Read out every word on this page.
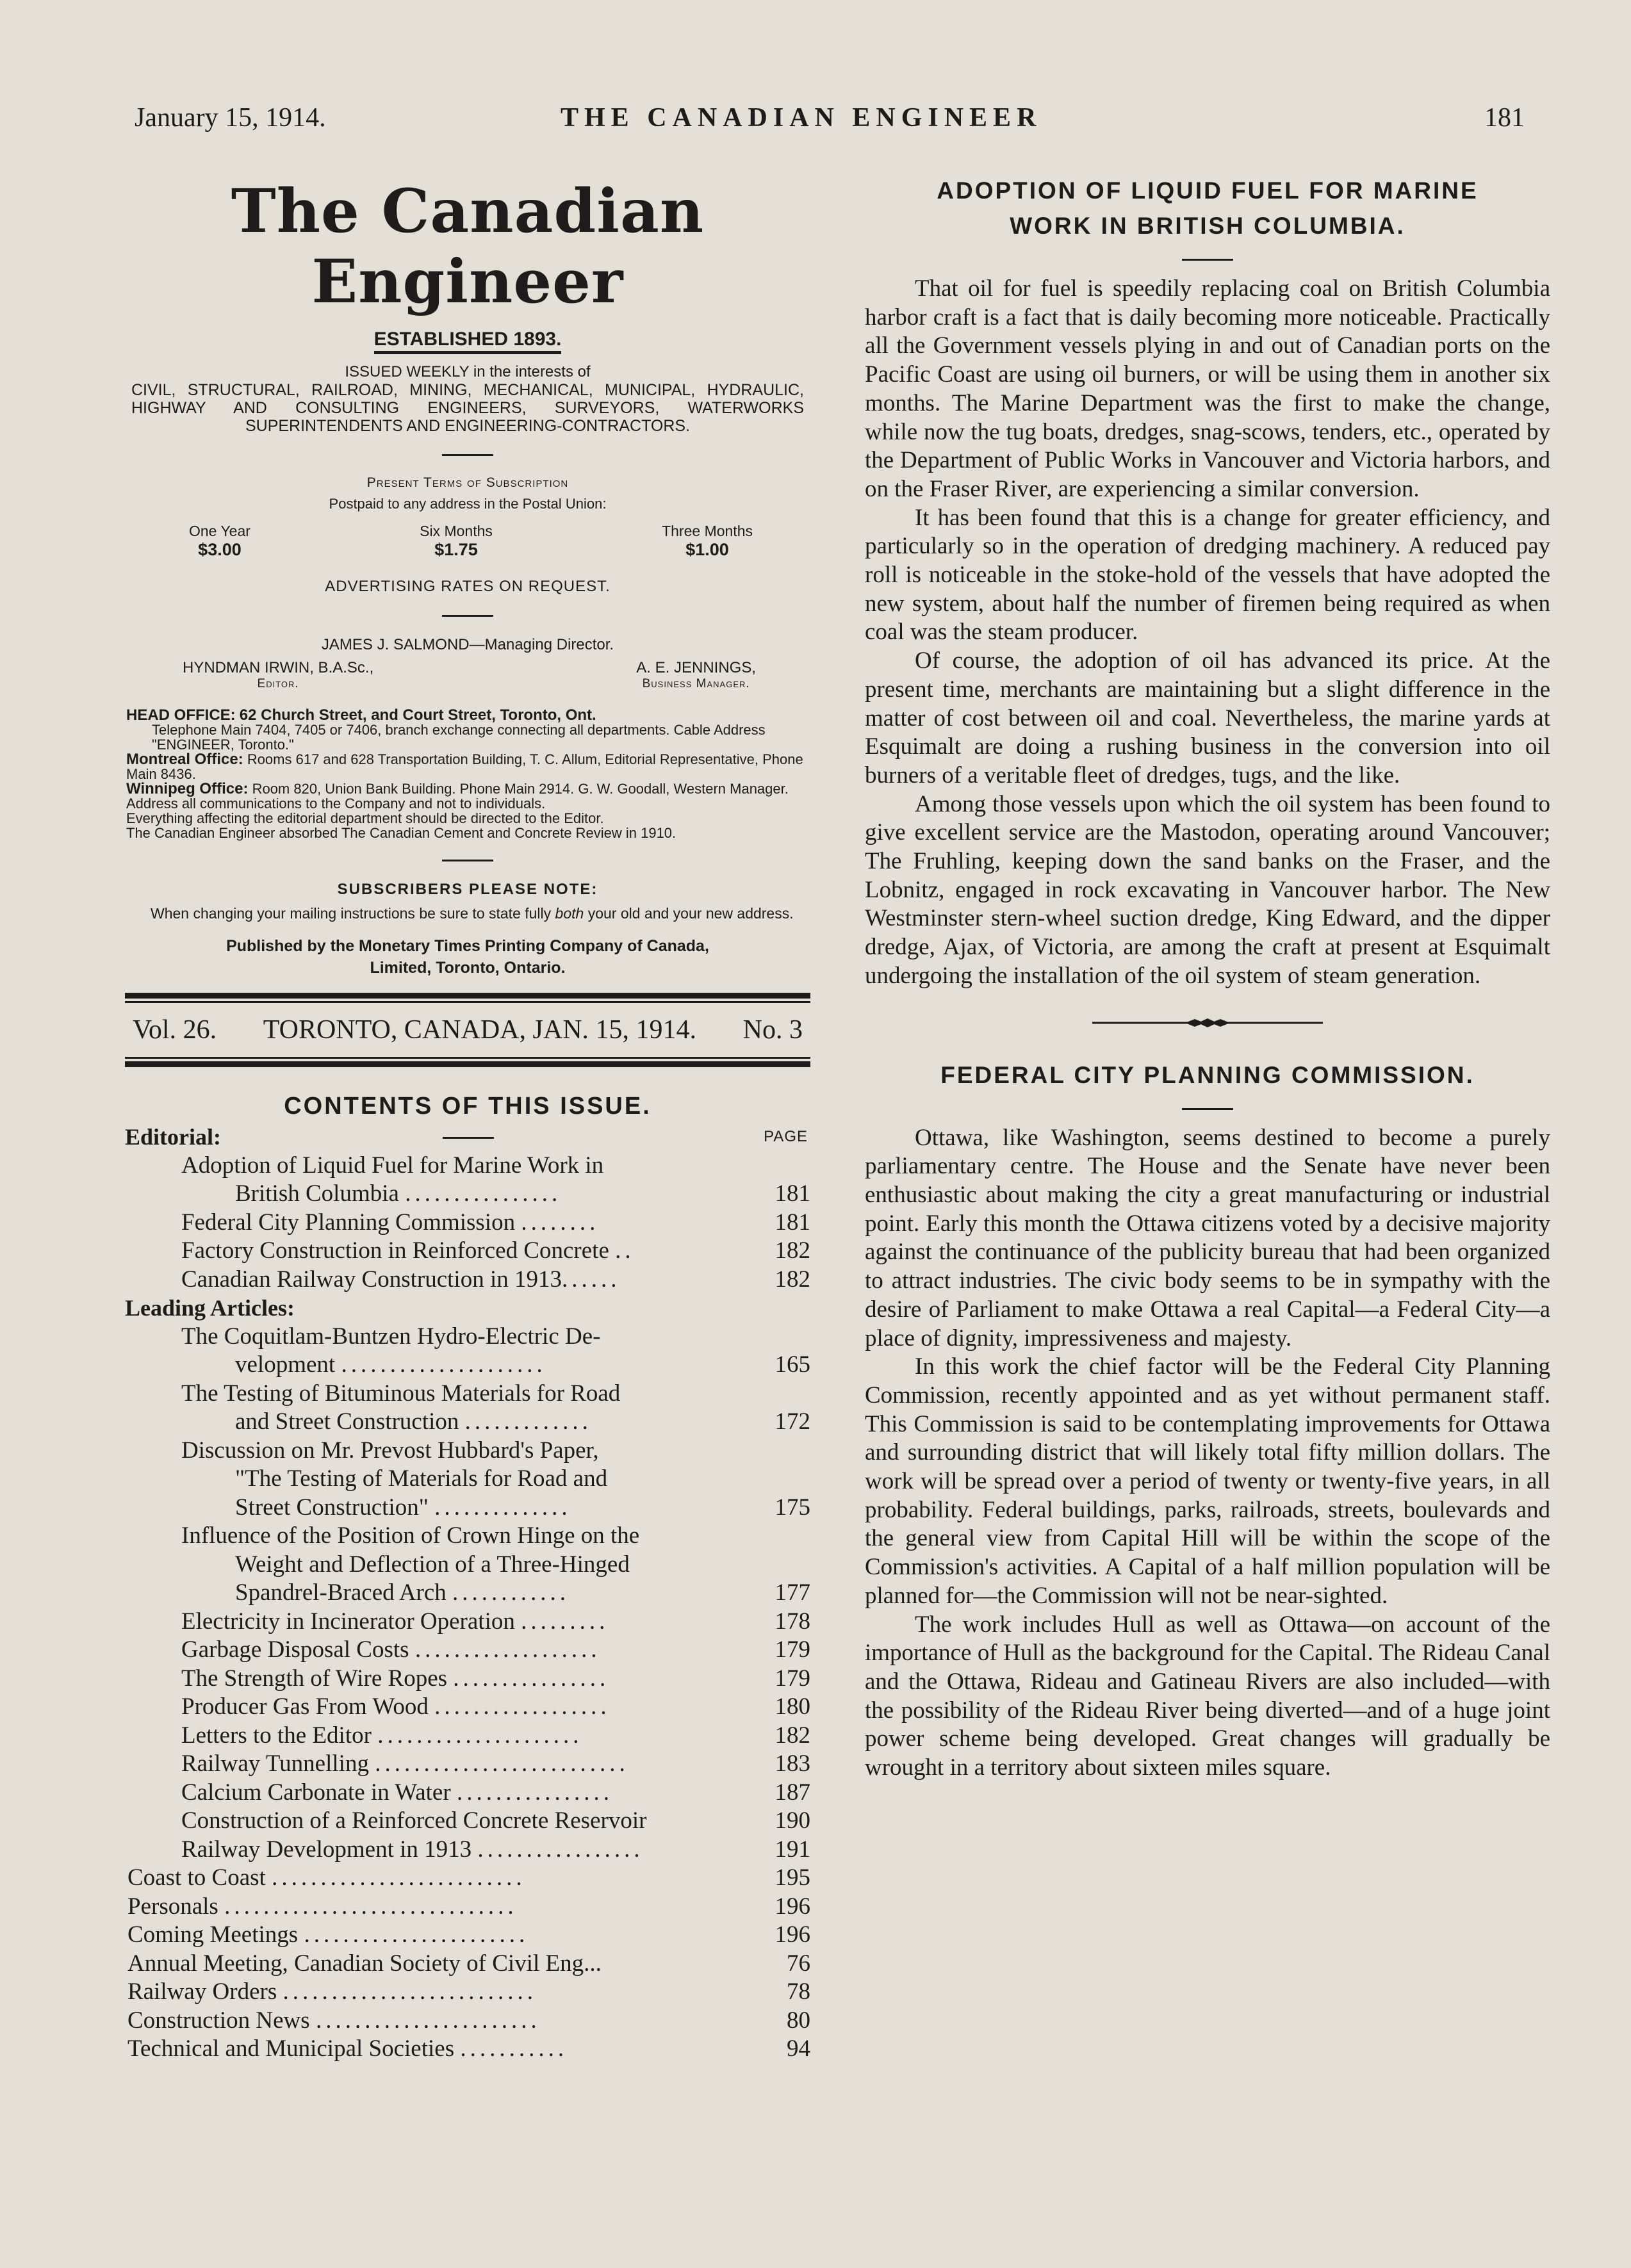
January 15, 1914.	THE CANADIAN ENGINEER	181
The Canadian Engineer
ESTABLISHED 1893.
ISSUED WEEKLY in the interests of
CIVIL, STRUCTURAL, RAILROAD, MINING, MECHANICAL, MUNICIPAL, HYDRAULIC, HIGHWAY AND CONSULTING ENGINEERS, SURVEYORS, WATERWORKS SUPERINTENDENTS AND ENGINEERING-CONTRACTORS.
Present Terms of Subscription
Postpaid to any address in the Postal Union:
One Year
$3.00
Six Months
$1.75
Three Months
$1.00
ADVERTISING RATES ON REQUEST.
JAMES J. SALMOND—Managing Director.
HYNDMAN IRWIN, B.A.Sc.,
Editor.
A. E. JENNINGS,
Business Manager.
HEAD OFFICE: 62 Church Street, and Court Street, Toronto, Ont.
Telephone Main 7404, 7405 or 7406, branch exchange connecting all departments. Cable Address "ENGINEER, Toronto."
Montreal Office: Rooms 617 and 628 Transportation Building, T. C. Allum, Editorial Representative, Phone Main 8436.
Winnipeg Office: Room 820, Union Bank Building. Phone Main 2914. G. W. Goodall, Western Manager.
Address all communications to the Company and not to individuals.
Everything affecting the editorial department should be directed to the Editor.
The Canadian Engineer absorbed The Canadian Cement and Concrete Review in 1910.
SUBSCRIBERS PLEASE NOTE:
When changing your mailing instructions be sure to state fully both your old and your new address.
Published by the Monetary Times Printing Company of Canada,
Limited, Toronto, Ontario.
Vol. 26. TORONTO, CANADA, JAN. 15, 1914. No. 3
CONTENTS OF THIS ISSUE.
Editorial:	PAGE
Adoption of Liquid Fuel for Marine Work in
British Columbia ................	181
Federal City Planning Commission ........	181
Factory Construction in Reinforced Concrete ..	182
Canadian Railway Construction in 1913......	182
Leading Articles:
The Coquitlam-Buntzen Hydro-Electric De-
velopment .....................	165
The Testing of Bituminous Materials for Road
and Street Construction .............	172
Discussion on Mr. Prevost Hubbard's Paper,
"The Testing of Materials for Road and
Street Construction" ..............	175
Influence of the Position of Crown Hinge on the
Weight and Deflection of a Three-Hinged
Spandrel-Braced Arch ............	177
Electricity in Incinerator Operation .........	178
Garbage Disposal Costs ...................	179
The Strength of Wire Ropes ................	179
Producer Gas From Wood ..................	180
Letters to the Editor .....................	182
Railway Tunnelling ..........................	183
Calcium Carbonate in Water ................	187
Construction of a Reinforced Concrete Reservoir	190
Railway Development in 1913 .................	191
Coast to Coast ..........................	195
Personals ..............................	196
Coming Meetings .......................	196
Annual Meeting, Canadian Society of Civil Eng...	76
Railway Orders ..........................	78
Construction News .......................	80
Technical and Municipal Societies ...........	94
ADOPTION OF LIQUID FUEL FOR MARINE
WORK IN BRITISH COLUMBIA.

That oil for fuel is speedily replacing coal on British Columbia harbor craft is a fact that is daily becoming more noticeable. Practically all the Government vessels plying in and out of Canadian ports on the Pacific Coast are using oil burners, or will be using them in another six months. The Marine Department was the first to make the change, while now the tug boats, dredges, snag-scows, tenders, etc., operated by the Department of Public Works in Vancouver and Victoria harbors, and on the Fraser River, are experiencing a similar conversion.

It has been found that this is a change for greater efficiency, and particularly so in the operation of dredging machinery. A reduced pay roll is noticeable in the stoke-hold of the vessels that have adopted the new system, about half the number of firemen being required as when coal was the steam producer.

Of course, the adoption of oil has advanced its price. At the present time, merchants are maintaining but a slight difference in the matter of cost between oil and coal. Nevertheless, the marine yards at Esquimalt are doing a rushing business in the conversion into oil burners of a veritable fleet of dredges, tugs, and the like.

Among those vessels upon which the oil system has been found to give excellent service are the Mastodon, operating around Vancouver; The Fruhling, keeping down the sand banks on the Fraser, and the Lobnitz, engaged in rock excavating in Vancouver harbor. The New Westminster stern-wheel suction dredge, King Edward, and the dipper dredge, Ajax, of Victoria, are among the craft at present at Esquimalt undergoing the installation of the oil system of steam generation.

FEDERAL CITY PLANNING COMMISSION.

Ottawa, like Washington, seems destined to become a purely parliamentary centre. The House and the Senate have never been enthusiastic about making the city a great manufacturing or industrial point. Early this month the Ottawa citizens voted by a decisive majority against the continuance of the publicity bureau that had been organized to attract industries. The civic body seems to be in sympathy with the desire of Parliament to make Ottawa a real Capital—a Federal City—a place of dignity, impressiveness and majesty.

In this work the chief factor will be the Federal City Planning Commission, recently appointed and as yet without permanent staff. This Commission is said to be contemplating improvements for Ottawa and surrounding district that will likely total fifty million dollars. The work will be spread over a period of twenty or twenty-five years, in all probability. Federal buildings, parks, railroads, streets, boulevards and the general view from Capital Hill will be within the scope of the Commission's activities. A Capital of a half million population will be planned for—the Commission will not be near-sighted.

The work includes Hull as well as Ottawa—on account of the importance of Hull as the background for the Capital. The Rideau Canal and the Ottawa, Rideau and Gatineau Rivers are also included—with the possibility of the Rideau River being diverted—and of a huge joint power scheme being developed. Great changes will gradually be wrought in a territory about sixteen miles square.
